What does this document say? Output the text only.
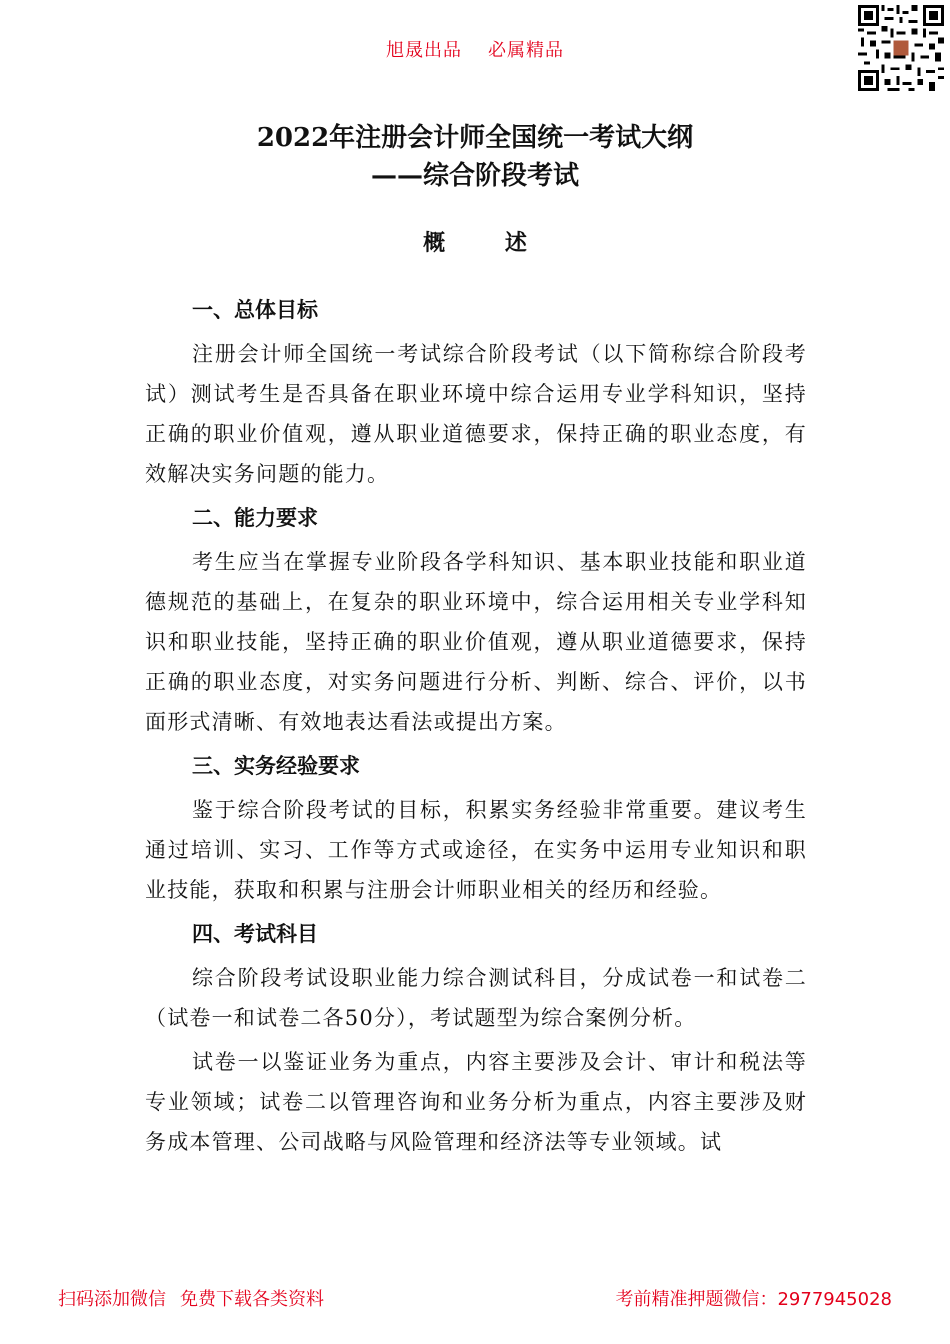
旭晟出品 必属精品
2022年注册会计师全国统一考试大纲
——综合阶段考试
概 述

一、总体目标

注册会计师全国统一考试综合阶段考试（以下简称综合阶段考试）测试考生是否具备在职业环境中综合运用专业学科知识，坚持正确的职业价值观，遵从职业道德要求，保持正确的职业态度，有效解决实务问题的能力。

二、能力要求

考生应当在掌握专业阶段各学科知识、基本职业技能和职业道德规范的基础上，在复杂的职业环境中，综合运用相关专业学科知识和职业技能，坚持正确的职业价值观，遵从职业道德要求，保持正确的职业态度，对实务问题进行分析、判断、综合、评价，以书面形式清晰、有效地表达看法或提出方案。

三、实务经验要求

鉴于综合阶段考试的目标，积累实务经验非常重要。建议考生通过培训、实习、工作等方式或途径，在实务中运用专业知识和职业技能，获取和积累与注册会计师职业相关的经历和经验。

四、考试科目

综合阶段考试设职业能力综合测试科目，分成试卷一和试卷二（试卷一和试卷二各50分），考试题型为综合案例分析。

试卷一以鉴证业务为重点，内容主要涉及会计、审计和税法等专业领域；试卷二以管理咨询和业务分析为重点，内容主要涉及财务成本管理、公司战略与风险管理和经济法等专业领域。试

扫码添加微信 免费下载各类资料	考前精准押题微信：2977945028
